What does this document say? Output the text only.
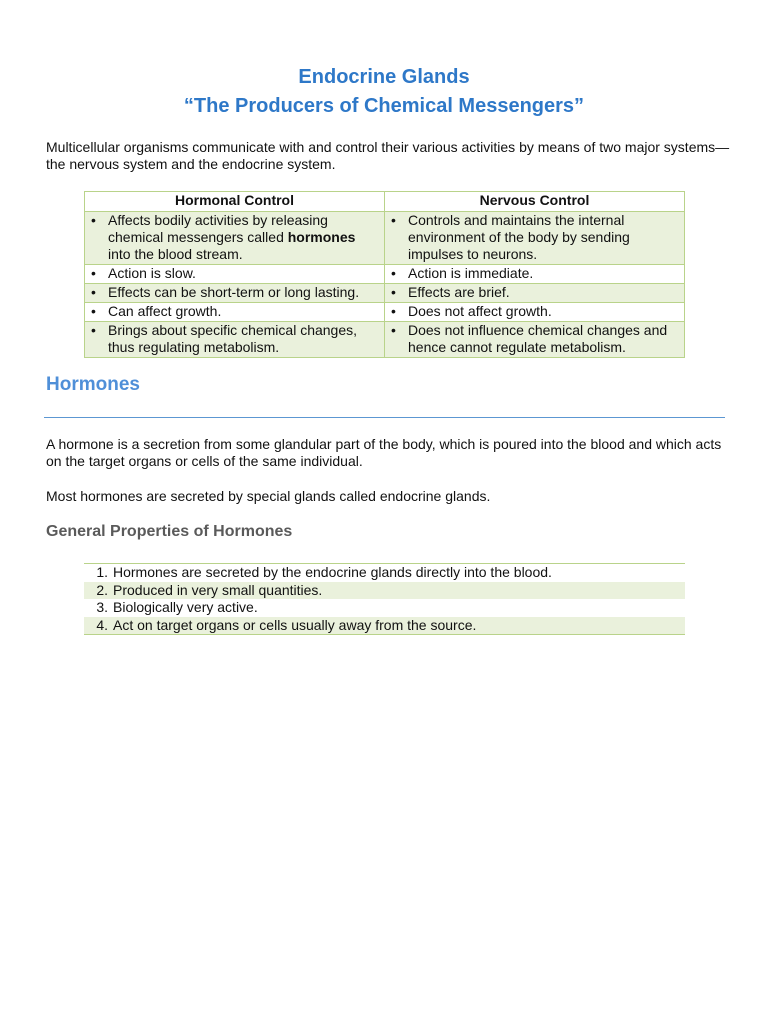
Endocrine Glands
“The Producers of Chemical Messengers”
Multicellular organisms communicate with and control their various activities by means of two major systems—the nervous system and the endocrine system.
Hormonal Control	Nervous Control

• Affects bodily activities by releasing chemical messengers called hormones into the blood stream.	• Controls and maintains the internal environment of the body by sending impulses to neurons.

• Action is slow.	• Action is immediate.

• Effects can be short-term or long lasting.	• Effects are brief.

• Can affect growth.	• Does not affect growth.

• Brings about specific chemical changes, thus regulating metabolism.	• Does not influence chemical changes and hence cannot regulate metabolism.
Hormones
A hormone is a secretion from some glandular part of the body, which is poured into the blood and which acts on the target organs or cells of the same individual.
Most hormones are secreted by special glands called endocrine glands.
General Properties of Hormones
1. Hormones are secreted by the endocrine glands directly into the blood.
2. Produced in very small quantities.
3. Biologically very active.
4. Act on target organs or cells usually away from the source.
